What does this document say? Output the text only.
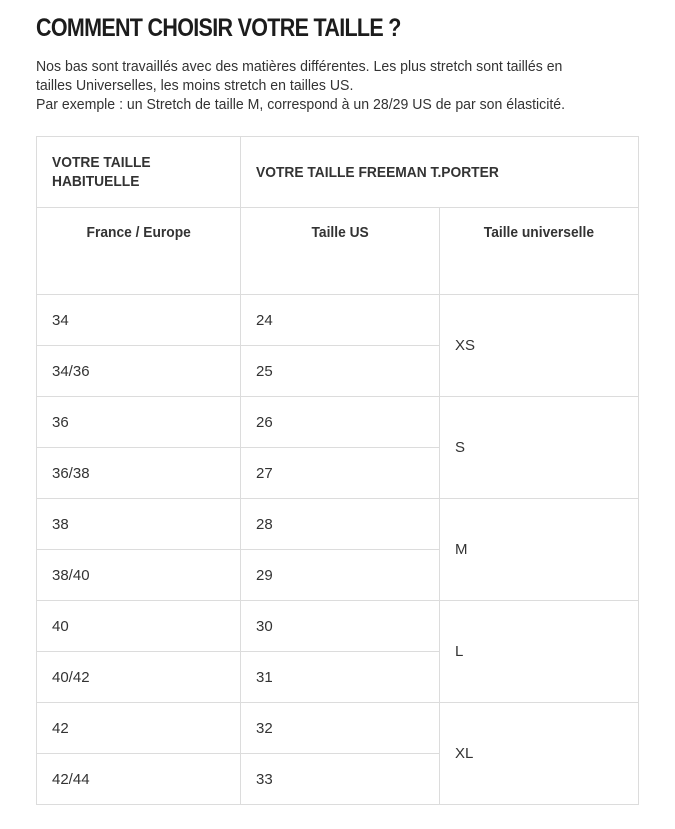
COMMENT CHOISIR VOTRE TAILLE ?

Nos bas sont travaillés avec des matières différentes. Les plus stretch sont taillés en

tailles Universelles, les moins stretch en tailles US.

Par exemple : un Stretch de taille M, correspond à un 28/29 US de par son élasticité.

VOTRE TAILLE
HABITUELLE	VOTRE TAILLE FREEMAN T.PORTER	
France / Europe	Taille US	Taille universelle
34	24	XS
34/36	25	
36	26	S
36/38	27	
38	28	M
38/40	29	
40	30	L
40/42	31	
42	32	XL
42/44	33	
